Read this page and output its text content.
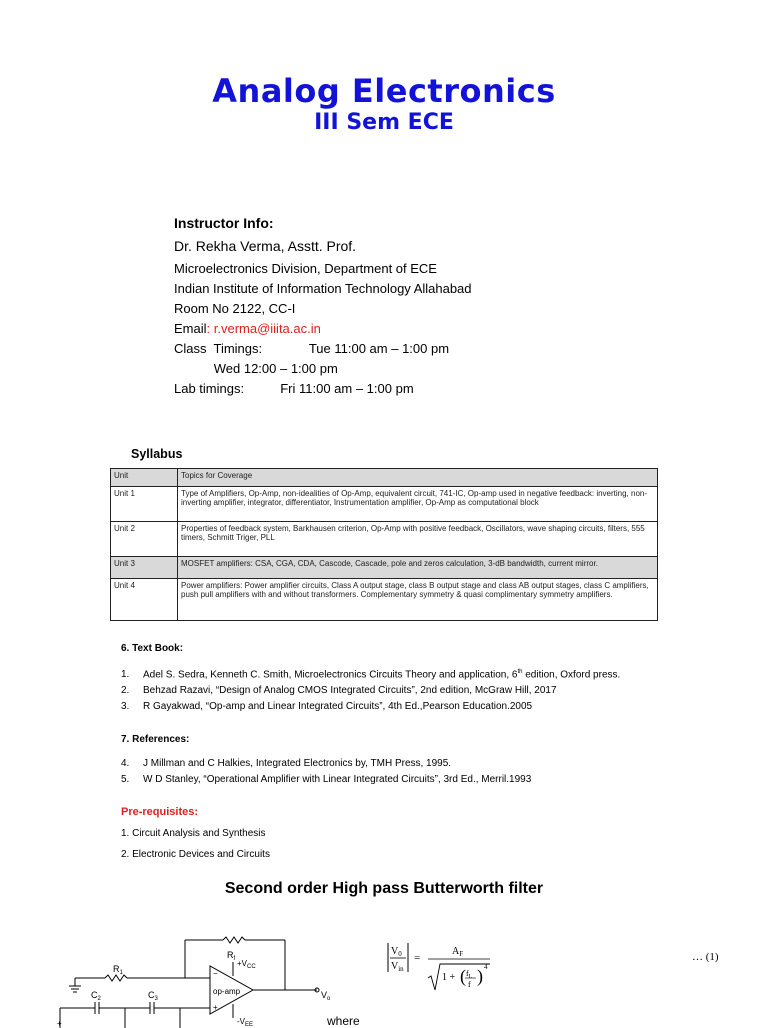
Analog Electronics
III Sem ECE
Instructor Info:
Dr. Rekha Verma, Asstt. Prof.
Microelectronics Division, Department of ECE
Indian Institute of Information Technology Allahabad
Room No 2122, CC-I
Email: r.verma@iiita.ac.in
Class  Timings:             Tue 11:00 am – 1:00 pm
Wed 12:00 – 1:00 pm
Lab timings:          Fri 11:00 am – 1:00 pm
Syllabus
Unit	Topics for Coverage
Unit 1	Type of Amplifiers, Op-Amp, non-idealities of Op-Amp, equivalent circuit, 741-IC, Op-amp used in negative feedback: inverting, non-inverting amplifier, integrator, differentiator, Instrumentation amplifier, Op-Amp as computational block
Unit 2	Properties of feedback system, Barkhausen criterion, Op-Amp with positive feedback, Oscillators, wave shaping circuits, filters, 555 timers, Schmitt Triger, PLL
Unit 3	MOSFET amplifiers: CSA, CGA, CDA, Cascode, Cascade, pole and zeros calculation, 3-dB bandwidth, current mirror.
Unit 4	Power amplifiers: Power amplifier circuits, Class A output stage, class B output stage and class AB output stages, class C amplifiers, push pull amplifiers with and without transformers. Complementary symmetry & quasi complimentary symmetry amplifiers.
6. Text Book:
1. Adel S. Sedra, Kenneth C. Smith, Microelectronics Circuits Theory and application, 6th edition, Oxford press.
2. Behzad Razavi, “Design of Analog CMOS Integrated Circuits”, 2nd edition, McGraw Hill, 2017
3. R Gayakwad, “Op-amp and Linear Integrated Circuits”, 4th Ed.,Pearson Education.2005
7. References:
4. J Millman and C Halkies, Integrated Electronics by, TMH Press, 1995.
5. W D Stanley, “Operational Amplifier with Linear Integrated Circuits”, 3rd Ed., Merril.1993
Pre-requisites:
1. Circuit Analysis and Synthesis
2. Electronic Devices and Circuits
Second order High pass Butterworth filter
$R_f$
$R_1$
op-amp
−
+
$+V_{CC}$
$-V_{EE}$
$V_o$
$C_2$	$C_3$
+
$V_0$
$V_{in}$
=
$A_F$
1 + ( $f_L$
f ) 4
… (1)
where
